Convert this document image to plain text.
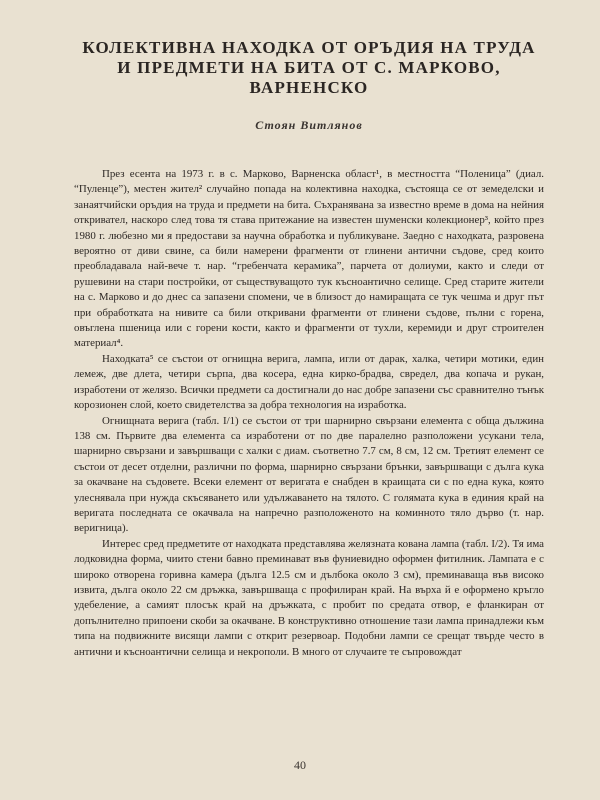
КОЛЕКТИВНА НАХОДКА ОТ ОРЪДИЯ НА ТРУДА И ПРЕДМЕТИ НА БИТА ОТ С. МАРКОВО, ВАРНЕНСКО
Стоян Витлянов

През есента на 1973 г. в с. Марково, Варненска област¹, в местността “Поленица” (диал. “Пуленце”), местен жител² случайно попада на колективна находка, състояща се от земеделски и занаятчийски оръдия на труда и предмети на бита. Съхранявана за известно време в дома на нейния откривател, наскоро след това тя става притежание на известен шуменски колекционер³, който през 1980 г. любезно ми я предостави за научна обработка и публикуване. Заедно с находката, разровена вероятно от диви свине, са били намерени фрагменти от глинени антични съдове, сред които преобладавала най-вече т. нар. “гребенчата керамика”, парчета от долиуми, както и следи от рушевини на стари постройки, от съществуващото тук късноантично селище. Сред старите жители на с. Марково и до днес са запазени спомени, че в близост до намиращата се тук чешма и друг път при обработката на нивите са били откривани фрагменти от глинени съдове, пълни с горена, овъглена пшеница или с горени кости, както и фрагменти от тухли, керемиди и друг строителен материал⁴.

Находката⁵ се състои от огнищна верига, лампа, игли от дарак, халка, четири мотики, един лемеж, две длета, четири сърпа, два косера, една кирко-брадва, свредел, два копача и рукан, изработени от желязо. Всички предмети са достигнали до нас добре запазени със сравнително тънък корозионен слой, което свидетелства за добра технология на изработка.

Огнищната верига (табл. I/1) се състои от три шарнирно свързани елемента с обща дължина 138 см. Първите два елемента са изработени от по две паралелно разположени усукани тела, шарнирно свързани и завършващи с халки с диам. съответно 7.7 см, 8 см, 12 см. Третият елемент се състои от десет отделни, различни по форма, шарнирно свързани брънки, завършващи с дълга кука за окачване на съдовете. Всеки елемент от веригата е снабден в краищата си с по една кука, която улеснявала при нужда скъсяването или удължаването на тялото. С голямата кука в единия край на веригата последната се окачвала на напречно разположеното на коминното тяло дърво (т. нар. веригница).

Интерес сред предметите от находката представлява желязната кована лампа (табл. I/2). Тя има лодковидна форма, чиито стени бавно преминават във фуниевидно оформен фитилник. Лампата е с широко отворена горивна камера (дълга 12.5 см и дълбока около 3 см), преминаваща във високо извита, дълга около 22 см дръжка, завършваща с профилиран край. На върха й е оформено кръгло удебеление, а самият плосък край на дръжката, с пробит по средата отвор, е фланкиран от допълнително припоени скоби за окачване. В конструктивно отношение тази лампа принадлежи към типа на подвижните висящи лампи с открит резервоар. Подобни лампи се срещат твърде често в антични и късноантични селища и некрополи. В много от случаите те съпровождат

40
